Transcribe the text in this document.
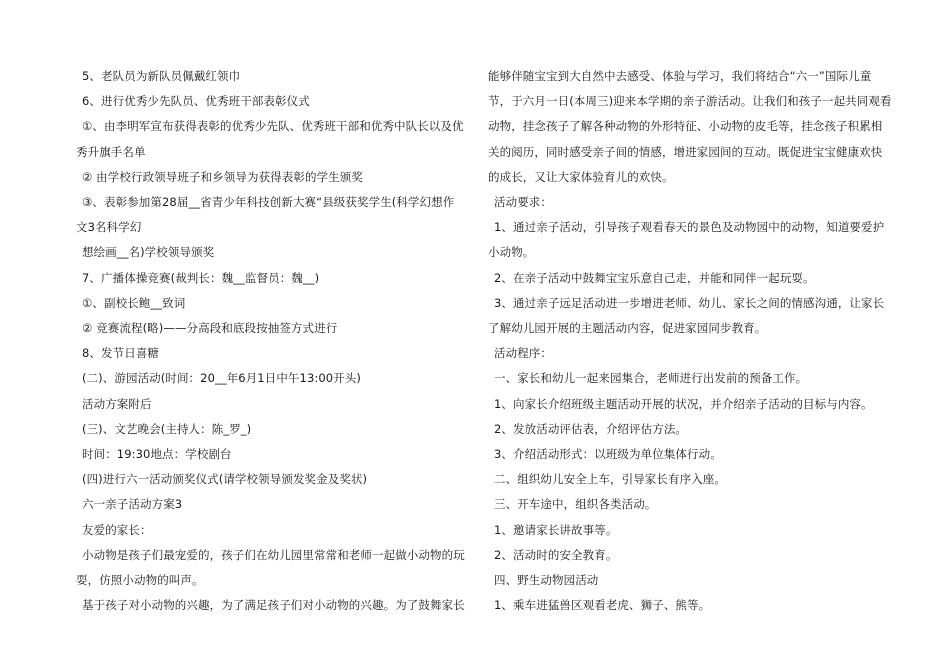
5、老队员为新队员佩戴红领巾
6、进行优秀少先队员、优秀班干部表彰仪式
①、由李明军宣布获得表彰的优秀少先队、优秀班干部和优秀中队长以及优
秀升旗手名单
② 由学校行政领导班子和乡领导为获得表彰的学生颁奖
③、表彰参加第28届__省青少年科技创新大赛“县级获奖学生(科学幻想作
文3名科学幻
想绘画__名)学校领导颁奖
7、广播体操竞赛(裁判长：魏__监督员：魏__)
①、副校长鲍__致词
② 竞赛流程(略)——分高段和底段按抽签方式进行
8、发节日喜糖
(二)、游园活动(时间：20__年6月1日中午13:00开头)
活动方案附后
(三)、文艺晚会(主持人：陈_罗_)
时间：19:30地点：学校剧台
(四)进行六一活动颁奖仪式(请学校领导颁发奖金及奖状)
六一亲子活动方案3
友爱的家长：
小动物是孩子们最宠爱的，孩子们在幼儿园里常常和老师一起做小动物的玩
耍，仿照小动物的叫声。
基于孩子对小动物的兴趣，为了满足孩子们对小动物的兴趣。为了鼓舞家长
能够伴随宝宝到大自然中去感受、体验与学习，我们将结合“六一”国际儿童
节，于六月一日(本周三)迎来本学期的亲子游活动。让我们和孩子一起共同观看
动物，挂念孩子了解各种动物的外形特征、小动物的皮毛等，挂念孩子积累相
关的阅历，同时感受亲子间的情感，增进家园间的互动。既促进宝宝健康欢快
的成长，又让大家体验育儿的欢快。
活动要求：
1、通过亲子活动，引导孩子观看春天的景色及动物园中的动物，知道要爱护
小动物。
2、在亲子活动中鼓舞宝宝乐意自己走，并能和同伴一起玩耍。
3、通过亲子远足活动进一步增进老师、幼儿、家长之间的情感沟通，让家长
了解幼儿园开展的主题活动内容，促进家园同步教育。
活动程序：
一、家长和幼儿一起来园集合，老师进行出发前的预备工作。
1、向家长介绍班级主题活动开展的状况，并介绍亲子活动的目标与内容。
2、发放活动评估表，介绍评估方法。
3、介绍活动形式：以班级为单位集体行动。
二、组织幼儿安全上车，引导家长有序入座。
三、开车途中，组织各类活动。
1、邀请家长讲故事等。
2、活动时的安全教育。
四、野生动物园活动
1、乘车进猛兽区观看老虎、狮子、熊等。
